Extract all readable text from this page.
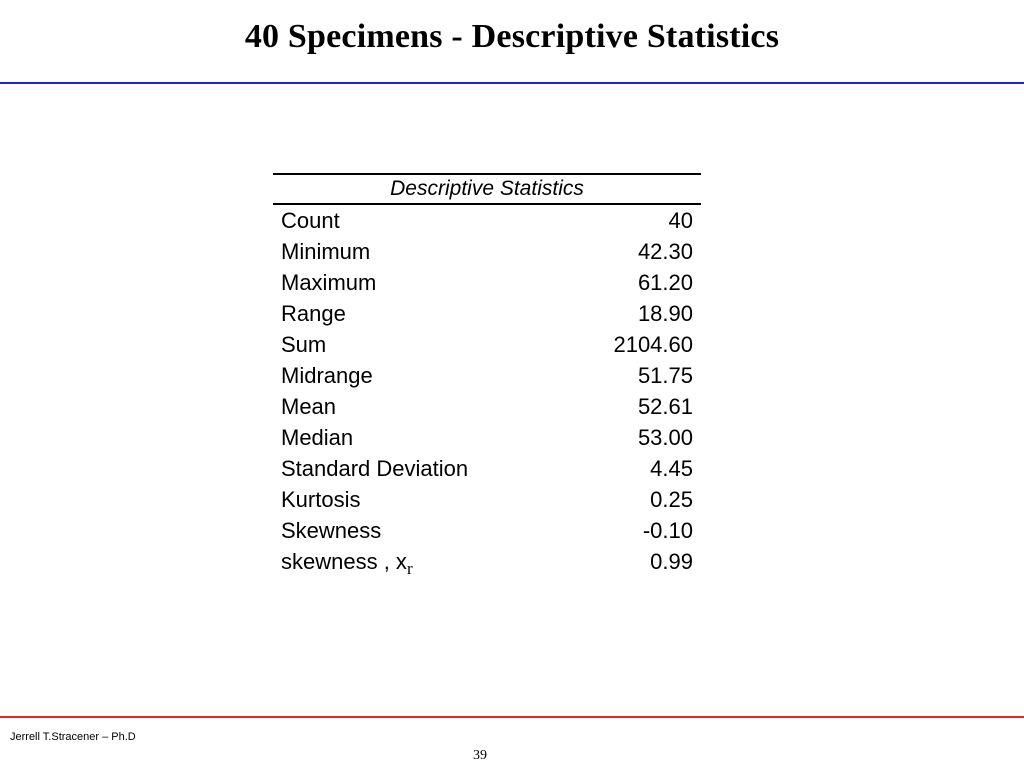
40 Specimens - Descriptive Statistics
Descriptive Statistics
Count	40
Minimum	42.30
Maximum	61.20
Range	18.90
Sum	2104.60
Midrange	51.75
Mean	52.61
Median	53.00
Standard Deviation	4.45
Kurtosis	0.25
Skewness	-0.10
skewness , $x_r$	0.99
Jerrell T.Stracener – Ph.D
39
